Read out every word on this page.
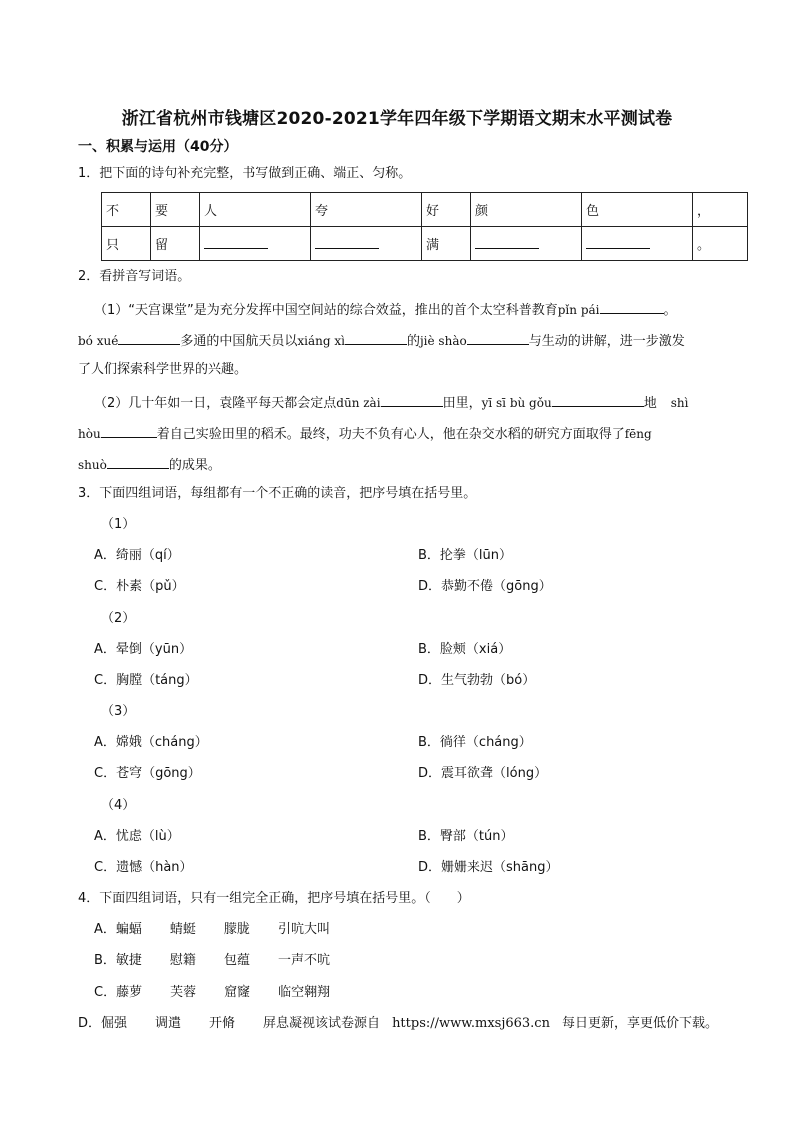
浙江省杭州市钱塘区2020-2021学年四年级下学期语文期末水平测试卷
一、积累与运用（40分）
1．把下面的诗句补充完整，书写做到正确、端正、匀称。
不	要	人	夸	好	颜	色	，
只	留			满			。
2．看拼音写词语。
（1）“天宫课堂”是为充分发挥中国空间站的综合效益，推出的首个太空科普教育pǐn pái	。
bó xué	多通的中国航天员以xiáng xì	的jiè shào	与生动的讲解，进一步激发
了人们探索科学世界的兴趣。
（2）几十年如一日，袁隆平每天都会定点dūn zài	田里，yī sī bù gǒu	地 shì
hòu	着自己实验田里的稻禾。最终，功夫不负有心人，他在杂交水稻的研究方面取得了fēng
shuò	的成果。
3．下面四组词语，每组都有一个不正确的读音，把序号填在括号里。
（1）
A．绮丽（qí）	B．抡拳（lūn）
C．朴素（pǔ）	D．恭勤不倦（gōng）
（2）
A．晕倒（yūn）	B．脸颊（xiá）
C．胸膛（táng）	D．生气勃勃（bó）
（3）
A．嫦娥（cháng）	B．徜徉（cháng）
C．苍穹（gōng）	D．震耳欲聋（lóng）
（4）
A．忧虑（lù）	B．臀部（tún）
C．遗憾（hàn）	D．姗姗来迟（shāng）
4．下面四组词语，只有一组完全正确，把序号填在括号里。（　　）
A．蝙蝠 蜻蜓 朦胧 引吭大叫
B．敏捷 慰籍 包蕴 一声不吭
C．藤萝 芙蓉 窟窿 临空翱翔
D．倔强 调遣 开脩 屏息凝视该试卷源自 https://www.mxsj663.cn 每日更新，享更低价下载。
